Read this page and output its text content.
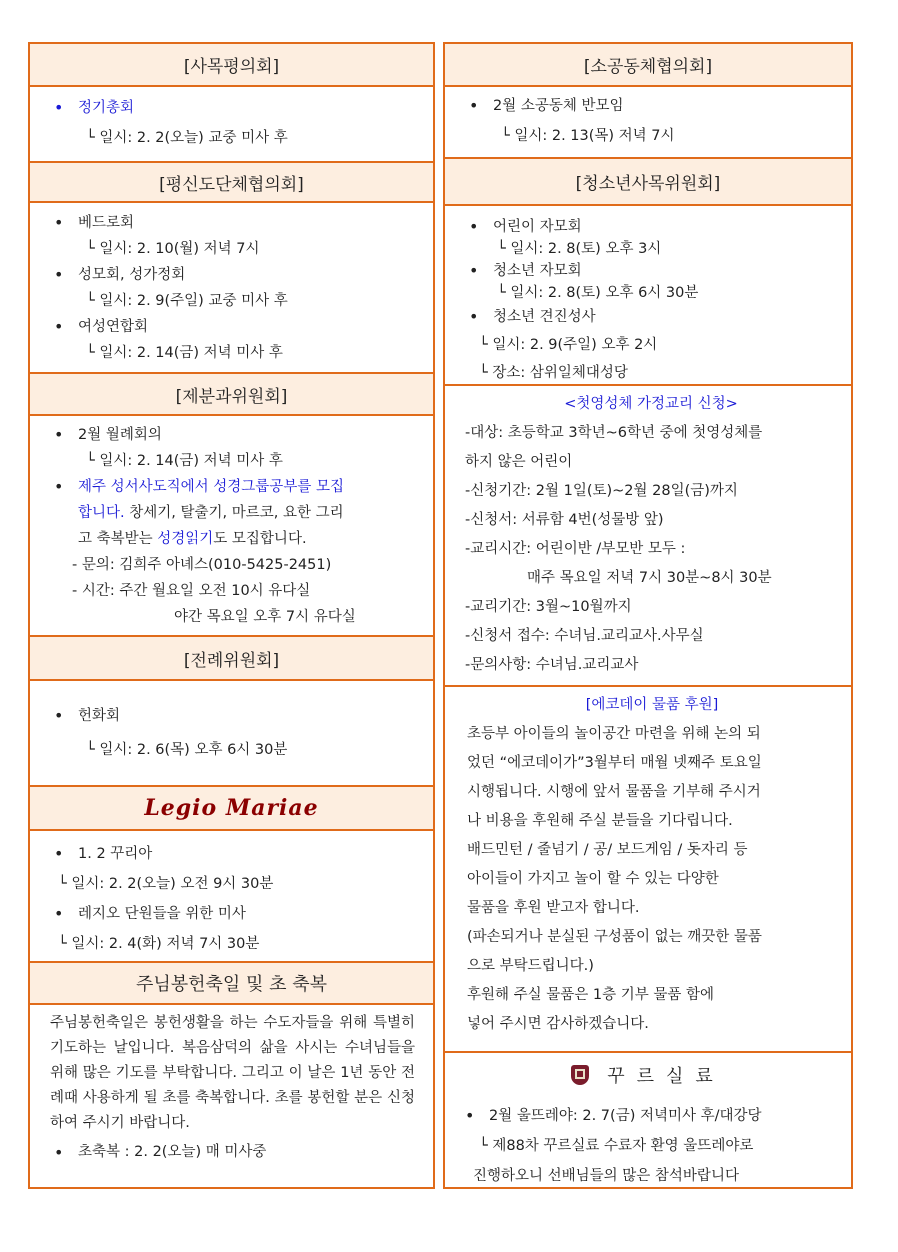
[사목평의회]
• 정기총회
└ 일시: 2. 2(오늘) 교중 미사 후
[평신도단체협의회]
• 베드로회
└ 일시: 2. 10(월) 저녁 7시
• 성모회, 성가정회
└ 일시: 2. 9(주일) 교중 미사 후
• 여성연합회
└ 일시: 2. 14(금) 저녁 미사 후
[제분과위원회]
• 2월 월례회의
└ 일시: 2. 14(금) 저녁 미사 후
• 제주 성서사도직에서 성경그룹공부를 모집
합니다. 창세기, 탈출기, 마르코, 요한 그리
고 축복받는 성경읽기도 모집합니다.
- 문의: 김희주 아녜스(010-5425-2451)
- 시간: 주간 월요일 오전 10시 유다실
야간 목요일 오후 7시 유다실
[전례위원회]
• 헌화회
└ 일시: 2. 6(목) 오후 6시 30분
Legio Mariae
• 1. 2 꾸리아
└ 일시: 2. 2(오늘) 오전 9시 30분
• 레지오 단원들을 위한 미사
└ 일시: 2. 4(화) 저녁 7시 30분
주님봉헌축일 및 초 축복
주님봉헌축일은 봉헌생활을 하는 수도자들을 위해 특별히 기도하는 날입니다. 복음삼덕의 삶을 사시는 수녀님들을 위해 많은 기도를 부탁합니다. 그리고 이 날은 1년 동안 전례때 사용하게 될 초를 축복합니다. 초를 봉헌할 분은 신청하여 주시기 바랍니다.
• 초축복 : 2. 2(오늘) 매 미사중
[소공동체협의회]
• 2월 소공동체 반모임
└ 일시: 2. 13(목) 저녁 7시
[청소년사목위원회]
• 어린이 자모회
└ 일시: 2. 8(토) 오후 3시
• 청소년 자모회
└ 일시: 2. 8(토) 오후 6시 30분
• 청소년 견진성사
└ 일시: 2. 9(주일) 오후 2시
└ 장소: 삼위일체대성당
<첫영성체 가정교리 신청>
-대상: 초등학교 3학년~6학년 중에 첫영성체를
하지 않은 어린이
-신청기간: 2월 1일(토)~2월 28일(금)까지
-신청서: 서류함 4번(성물방 앞)
-교리시간: 어린이반 /부모반 모두 :
매주 목요일 저녁 7시 30분~8시 30분
-교리기간: 3월~10월까지
-신청서 접수: 수녀님.교리교사.사무실
-문의사항: 수녀님.교리교사
[에코데이 물품 후원]
초등부 아이들의 놀이공간 마련을 위해 논의 되
었던 “에코데이가”3월부터 매월 넷째주 토요일
시행됩니다. 시행에 앞서 물품을 기부해 주시거
나 비용을 후원해 주실 분들을 기다립니다.
배드민턴 / 줄넘기 / 공/ 보드게임 / 돗자리 등
아이들이 가지고 놀이 할 수 있는 다양한
물품을 후원 받고자 합니다.
(파손되거나 분실된 구성품이 없는 깨끗한 물품
으로 부탁드립니다.)
후원해 주실 물품은 1층 기부 물품 함에
넣어 주시면 감사하겠습니다.
꾸르실료
• 2월 울뜨레야: 2. 7(금) 저녁미사 후/대강당
└ 제88차 꾸르실료 수료자 환영 울뜨레야로
진행하오니 선배님들의 많은 참석바랍니다
